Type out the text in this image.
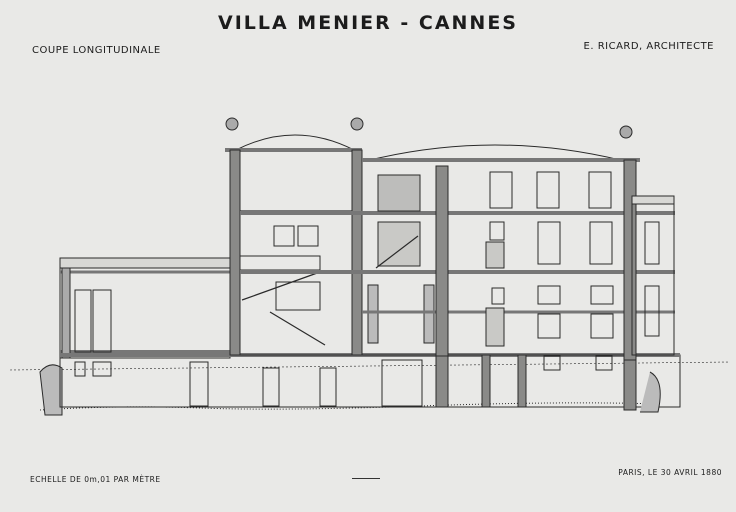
VILLA MENIER - CANNES
COUPE LONGITUDINALE	E. RICARD, ARCHITECTE
ECHELLE DE 0m,01 PAR MÈTRE
PARIS, LE 30 AVRIL 1880
